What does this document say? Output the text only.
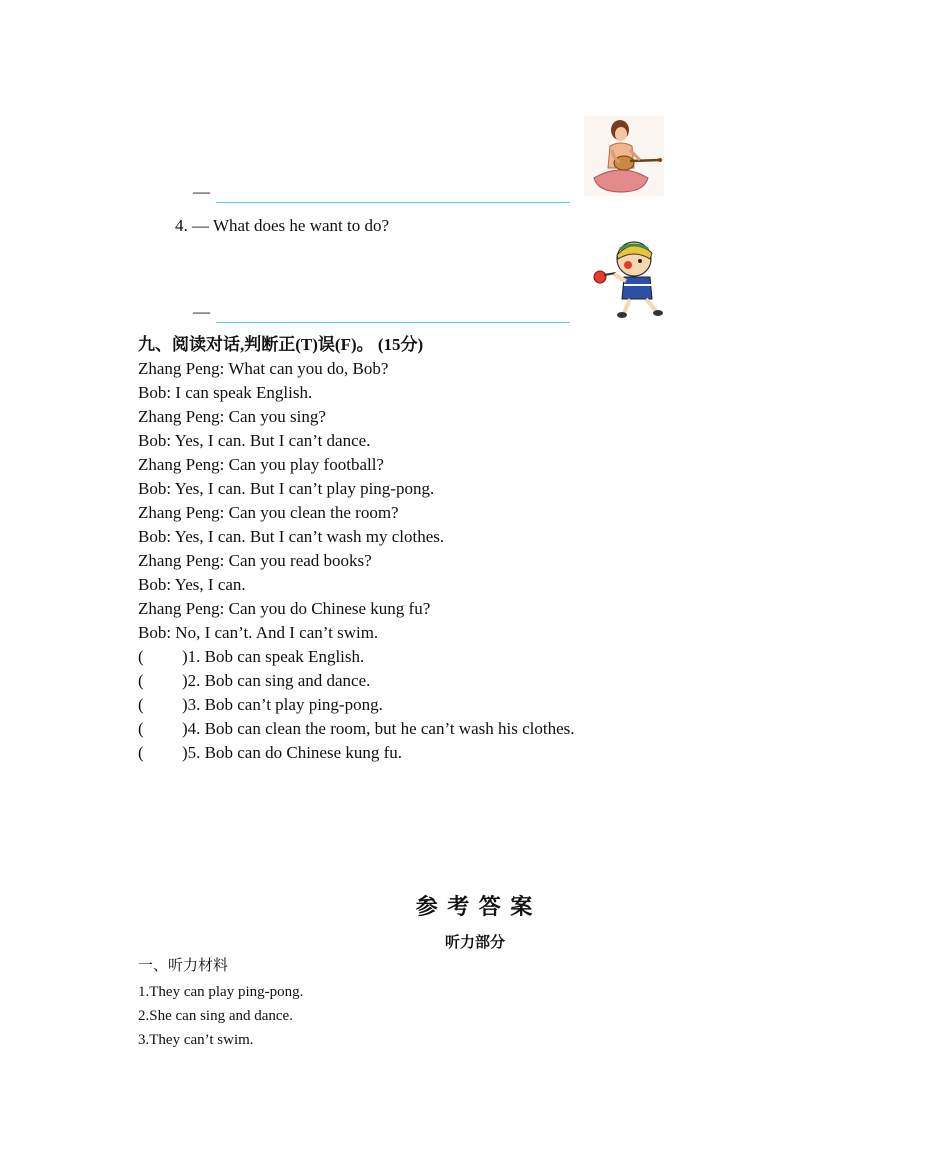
—
4. — What does he want to do?
—
九、阅读对话,判断正(T)误(F)。 (15分)
Zhang Peng: What can you do, Bob?
Bob: I can speak English.
Zhang Peng: Can you sing?
Bob: Yes, I can. But I can’t dance.
Zhang Peng: Can you play football?
Bob: Yes, I can. But I can’t play ping-pong.
Zhang Peng: Can you clean the room?
Bob: Yes, I can. But I can’t wash my clothes.
Zhang Peng: Can you read books?
Bob: Yes, I can.
Zhang Peng: Can you do Chinese kung fu?
Bob: No, I can’t. And I can’t swim.
( )1. Bob can speak English.
( )2. Bob can sing and dance.
( )3. Bob can’t play ping-pong.
( )4. Bob can clean the room, but he can’t wash his clothes.
( )5. Bob can do Chinese kung fu.
参 考 答 案
听力部分
一、听力材料
1.They can play ping-pong.
2.She can sing and dance.
3.They can’t swim.
